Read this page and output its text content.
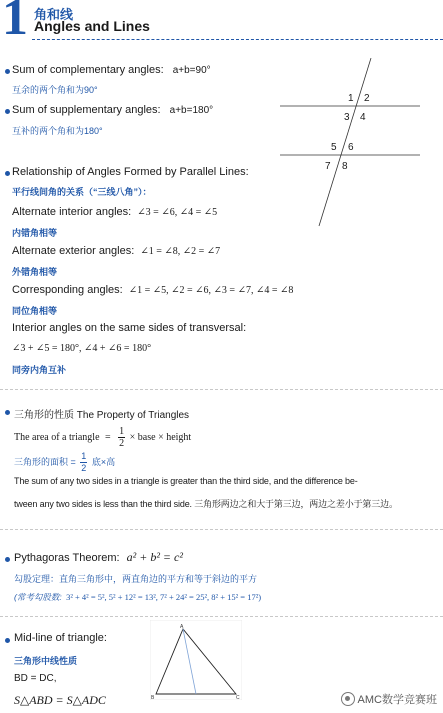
1 角和线
Angles and Lines
Sum of complementary angles: a+b=90°
互余的两个角和为90°
Sum of supplementary angles: a+b=180°
互补的两个角和为180°
1 2
3 4
5 6
7 8
Relationship of Angles Formed by Parallel Lines:
平行线间角的关系（“三线八角”）：
Alternate interior angles: ∠3 = ∠6, ∠4 = ∠5
内错角相等
Alternate exterior angles: ∠1 = ∠8, ∠2 = ∠7
外错角相等
Corresponding angles: ∠1 = ∠5, ∠2 = ∠6, ∠3 = ∠7, ∠4 = ∠8
同位角相等
Interior angles on the same sides of transversal:
∠3 + ∠5 = 180°, ∠4 + ∠6 = 180°
同旁内角互补
三角形的性质 The Property of Triangles
The area of a triangle = $\frac{1}{2}$ × base × height
三角形的面积 = $\frac{1}{2}$ 底×高
The sum of any two sides in a triangle is greater than the third side, and the difference be-
tween any two sides is less than the third side. 三角形两边之和大于第三边，两边之差小于第三边。
Pythagoras Theorem: a² + b² = c²
勾股定理：直角三角形中，两直角边的平方和等于斜边的平方
(常考勾股数: 3² + 4² = 5², 5² + 12² = 13², 7² + 24² = 25², 8² + 15² = 17²)
Mid-line of triangle:
三角形中线性质
BD = DC,
S△ABD = S△ADC
A
B	C	AMC数学竞赛班
